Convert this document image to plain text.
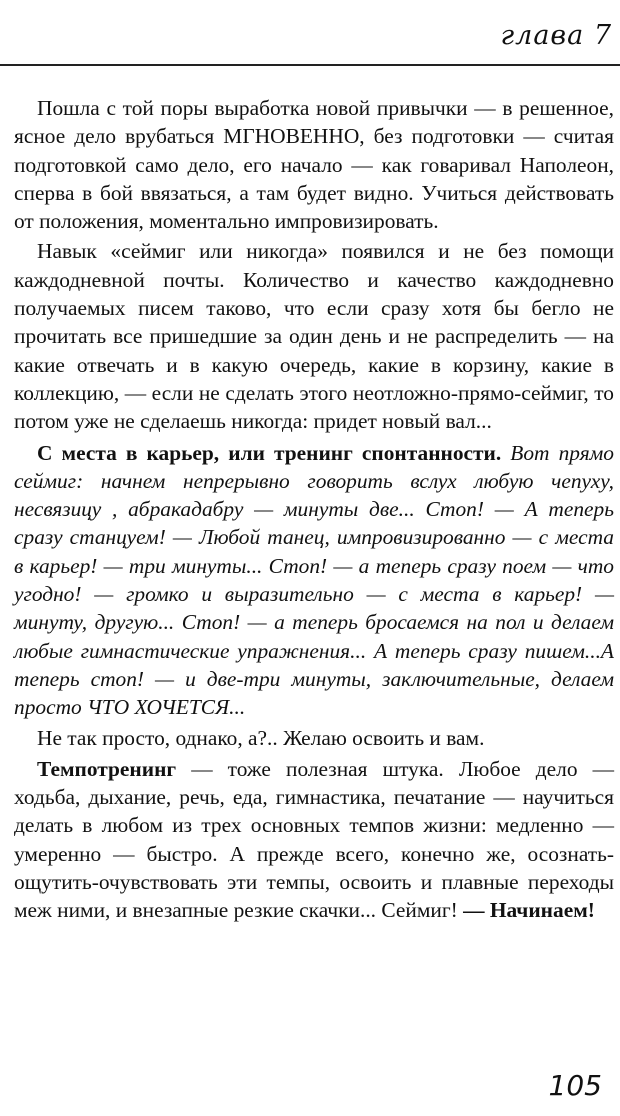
глава 7

Пошла с той поры выработка новой привычки — в решенное, ясное дело врубаться МГНОВЕННО, без подготовки — считая подготовкой само дело, его начало — как говаривал Наполеон, сперва в бой ввязаться, а там будет видно. Учиться действовать от положения, моментально импровизировать.

Навык «сеймиг или никогда» появился и не без помощи каждодневной почты. Количество и качество каждодневно получаемых писем таково, что если сразу хотя бы бегло не прочитать все пришедшие за один день и не распределить — на какие отвечать и в какую очередь, какие в корзину, какие в коллекцию, — если не сделать этого неотложно-прямо-сеймиг, то потом уже не сделаешь никогда: придет новый вал...

С места в карьер, или тренинг спонтанности. Вот прямо сеймиг: начнем непрерывно говорить вслух любую чепуху, несвязицу , абракадабру — минуты две... Стоп! — А теперь сразу станцуем! — Любой танец, импровизированно — с места в карьер! — три минуты... Стоп! — а теперь сразу поем — что угодно! — громко и выразительно — с места в карьер! — минуту, другую... Стоп! — а теперь бросаемся на пол и делаем любые гимнастические упражнения... А теперь сразу пишем...А теперь стоп! — и две-три минуты, заключительные, делаем просто ЧТО ХОЧЕТСЯ...

Не так просто, однако, а?.. Желаю освоить и вам.

Темпотренинг — тоже полезная штука. Любое дело — ходьба, дыхание, речь, еда, гимнастика, печатание — научиться делать в любом из трех основных темпов жизни: медленно — умеренно — быстро. А прежде всего, конечно же, осознать-ощутить-очувствовать эти темпы, освоить и плавные переходы меж ними, и внезапные резкие скачки... Сеймиг! — Начинаем!

105
